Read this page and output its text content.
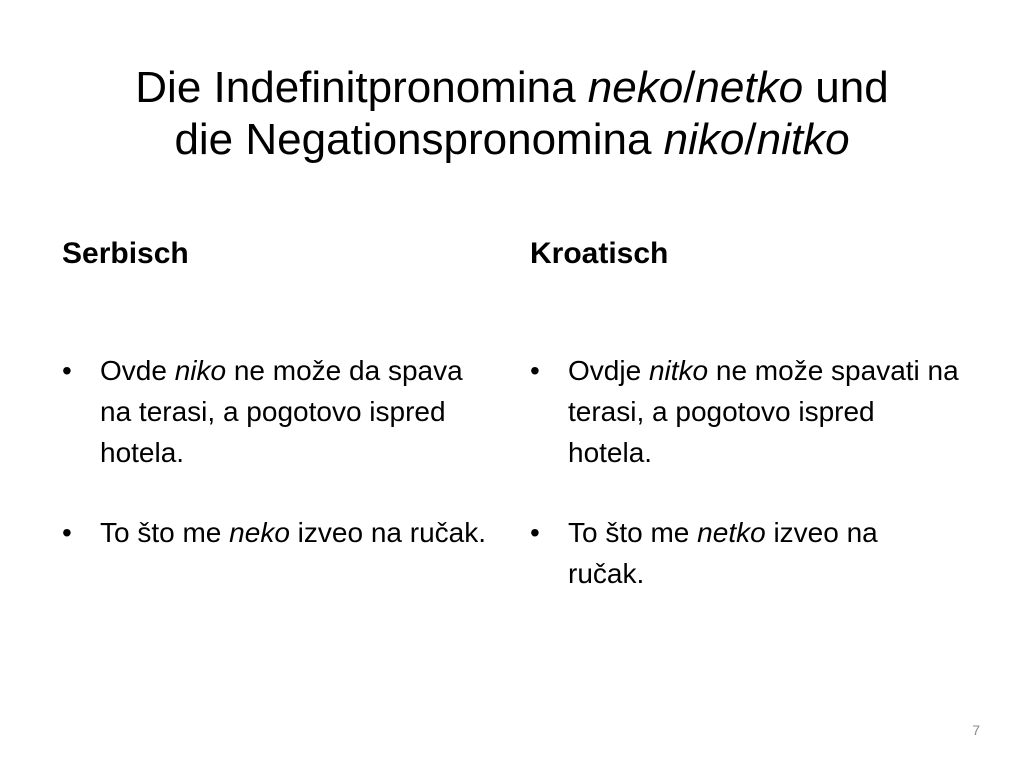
Die Indefinitpronomina neko/netko und
die Negationspronomina niko/nitko
Serbisch
•	Ovde niko ne može da spava na terasi, a pogotovo ispred hotela.
•	To što me neko izveo na ručak.
Kroatisch
•	Ovdje nitko ne može spavati na terasi, a pogotovo ispred hotela.
•	To što me netko izveo na ručak.
7
